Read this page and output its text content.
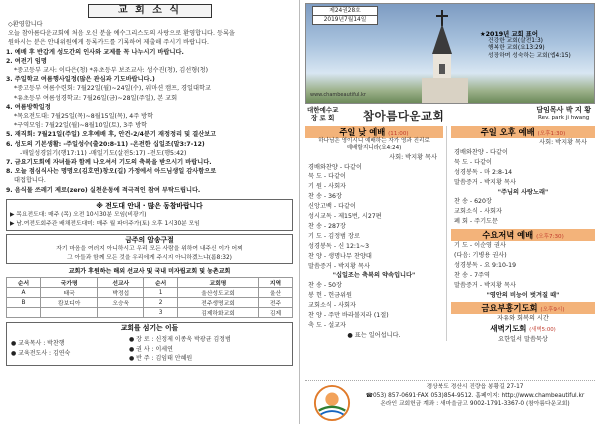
교 회 소 식
◇환영합니다
오늘 참아름다운교회에 처음 오신 분을 예수그리스도의 사랑으로 환영합니다. 등록을
원하시는 분은 안내위원에게 등록카드를 기록하여 제출해 주시기 바랍니다.
1. 예배 후 반갑게 성도간의 인사와 교제를 꼭 나누시기 바랍니다.
2. 여전기 임명
*중고등부 교사: 이다은(청) *유초등부 보조교사: 성수진(청), 김선형(청)
3. 주일학교 여름행사일정(많은 관심과 기도바랍니다.)
*중고등부 여름수련회: 7월22일(월)~24일(수), 위마션 캠프, 경일대학교
*유초등부 여름성경학교: 7월26일(금)~28일(주일), 본 교회
4. 여름방학일정
*목요전도대: 7월25일(목)~8월15일(목), 4주 방학
*구역모임: 7월22일(월)~8월10일(토), 3주 방학
5. 재직회: 7월21일(주일) 오후예배 후, 안건-2/4분기 재정정리 및 결산보고
6. 성도의 기본생활: -주일성수(출20:8-11) -온전한 십일조(말3:7-12)
-매일성경읽기(행17:11) -매일기도(살전5:17) -전도(행5:42)
7. 금요기도회에 자녀들과 함께 나오셔서 기도의 축복을 받으시기 바랍니다.
8. 오늘 점심식사는 명명오(김호연)창오(길) 가정에서 아드님생일 감사함으로
대접합니다.
9. 음식물 쓰레기 제로(zero) 실천운동에 적극적인 참여 부탁드립니다.
※ 전도대 안내 · 많은 동참바랍니다
▶ 목요전도대: 매주 (목) 오전 10시30분 모임(비광기)
▶ 남.여전도회주관 배채전도대미: 매주 월 파더주가(토) 오후 1시30분 모임
금주의 암송구절
자기 마음을 여러지 아니하시고 우리 모든 사람을 위하여 내주신 이가 어찌
그 아들과 함께 모든 것을 우리에게 주시지 아니하겠느냐(롬8:32)
교회가 후원하는 해외 선교사 및 국내 미자립교회 및 농촌교회
순서	국가명	선교사	순서	교회명	지역
A	태국	박정섭	1	울산성도교회	울산
B	캄보디아	오승욱	2	전주생명교회	전주
			3	김제하화교회	김제
교회를 섬기는 이들
● 교육목사 : 박찬행
● 교육전도사 : 김연숙
● 장 로 : 신정제 이종욱 박광균 김정범
● 권 사 : 이세연
● 반 주 : 김임태 안혜원
제24권28호
2019년7월14일
★2019년 교회 표어
건강한 교회(살전1:3)
행복한 교회(요13:29)
성장하며 성숙하는 교회(엡4:15)
www.chambeautiful.kr
대한예수교
장 로 회	참아름다운교회	담임목사 박 지 황
Rev. park ji hwang
주일 낮 예배 (11:00)
하나님은 영이시니 예배하는 자가 영과 진리로
예배할지니라(요4:24)
사회: 박지황 목사
경배와찬양 - 다같이
묵 도 - 다같이
기 원 - 사회자
찬 송 - 36장
신앙고백 - 다같이
성시교독 - 제15번, 시27편
찬 송 - 287장
기 도 - 김정범 장로
성경봉독 - 신 12:1~3
찬 양 - 생명나무 찬양대
말씀증거 - 박지황 목사
"십일조는 축복의 약속입니다"
찬 송 - 50장
봉 헌 - 헌금위원
교회소식 - 사회자
찬 양 - 주만 바라볼지라 (1절)
축 도 - 설교자
● 표는 일어섭니다.
주일 오후 예배 (오후1:30)
사회: 박지황 목사
경배와찬양 - 다같이
묵 도 - 다같이
성경봉독 - 마 2:8-14
말씀증거 - 박지황 목사
"주님의 사랑노래"
찬 송 - 620장
교회소식 - 사회자
폐 회 - 주기도문
수요저녁 예배 (오후7:30)
기 도 - 이순영 권사
(다음: 기병용 권사)
성경봉독 - 요 9:10-19
찬 송 - 7주역
말씀증거 - 박지황 목사
"영안의 비능이 벗겨질 때"
금요부흥기도회 (오후9시)
자유와 회복의 시간
새벽기도회 (새벽5:00)
요한일서 말씀묵상
경상북도 경산시 진량읍 봉황길 27-17
☎053) 857-0691·FAX 053)854-9512. 홈페이지: http://www.chambeautiful.kr
온라인 교회헌금 계좌 : 새마을금고 9002-1791-3367-0 (참아름다운교회)
